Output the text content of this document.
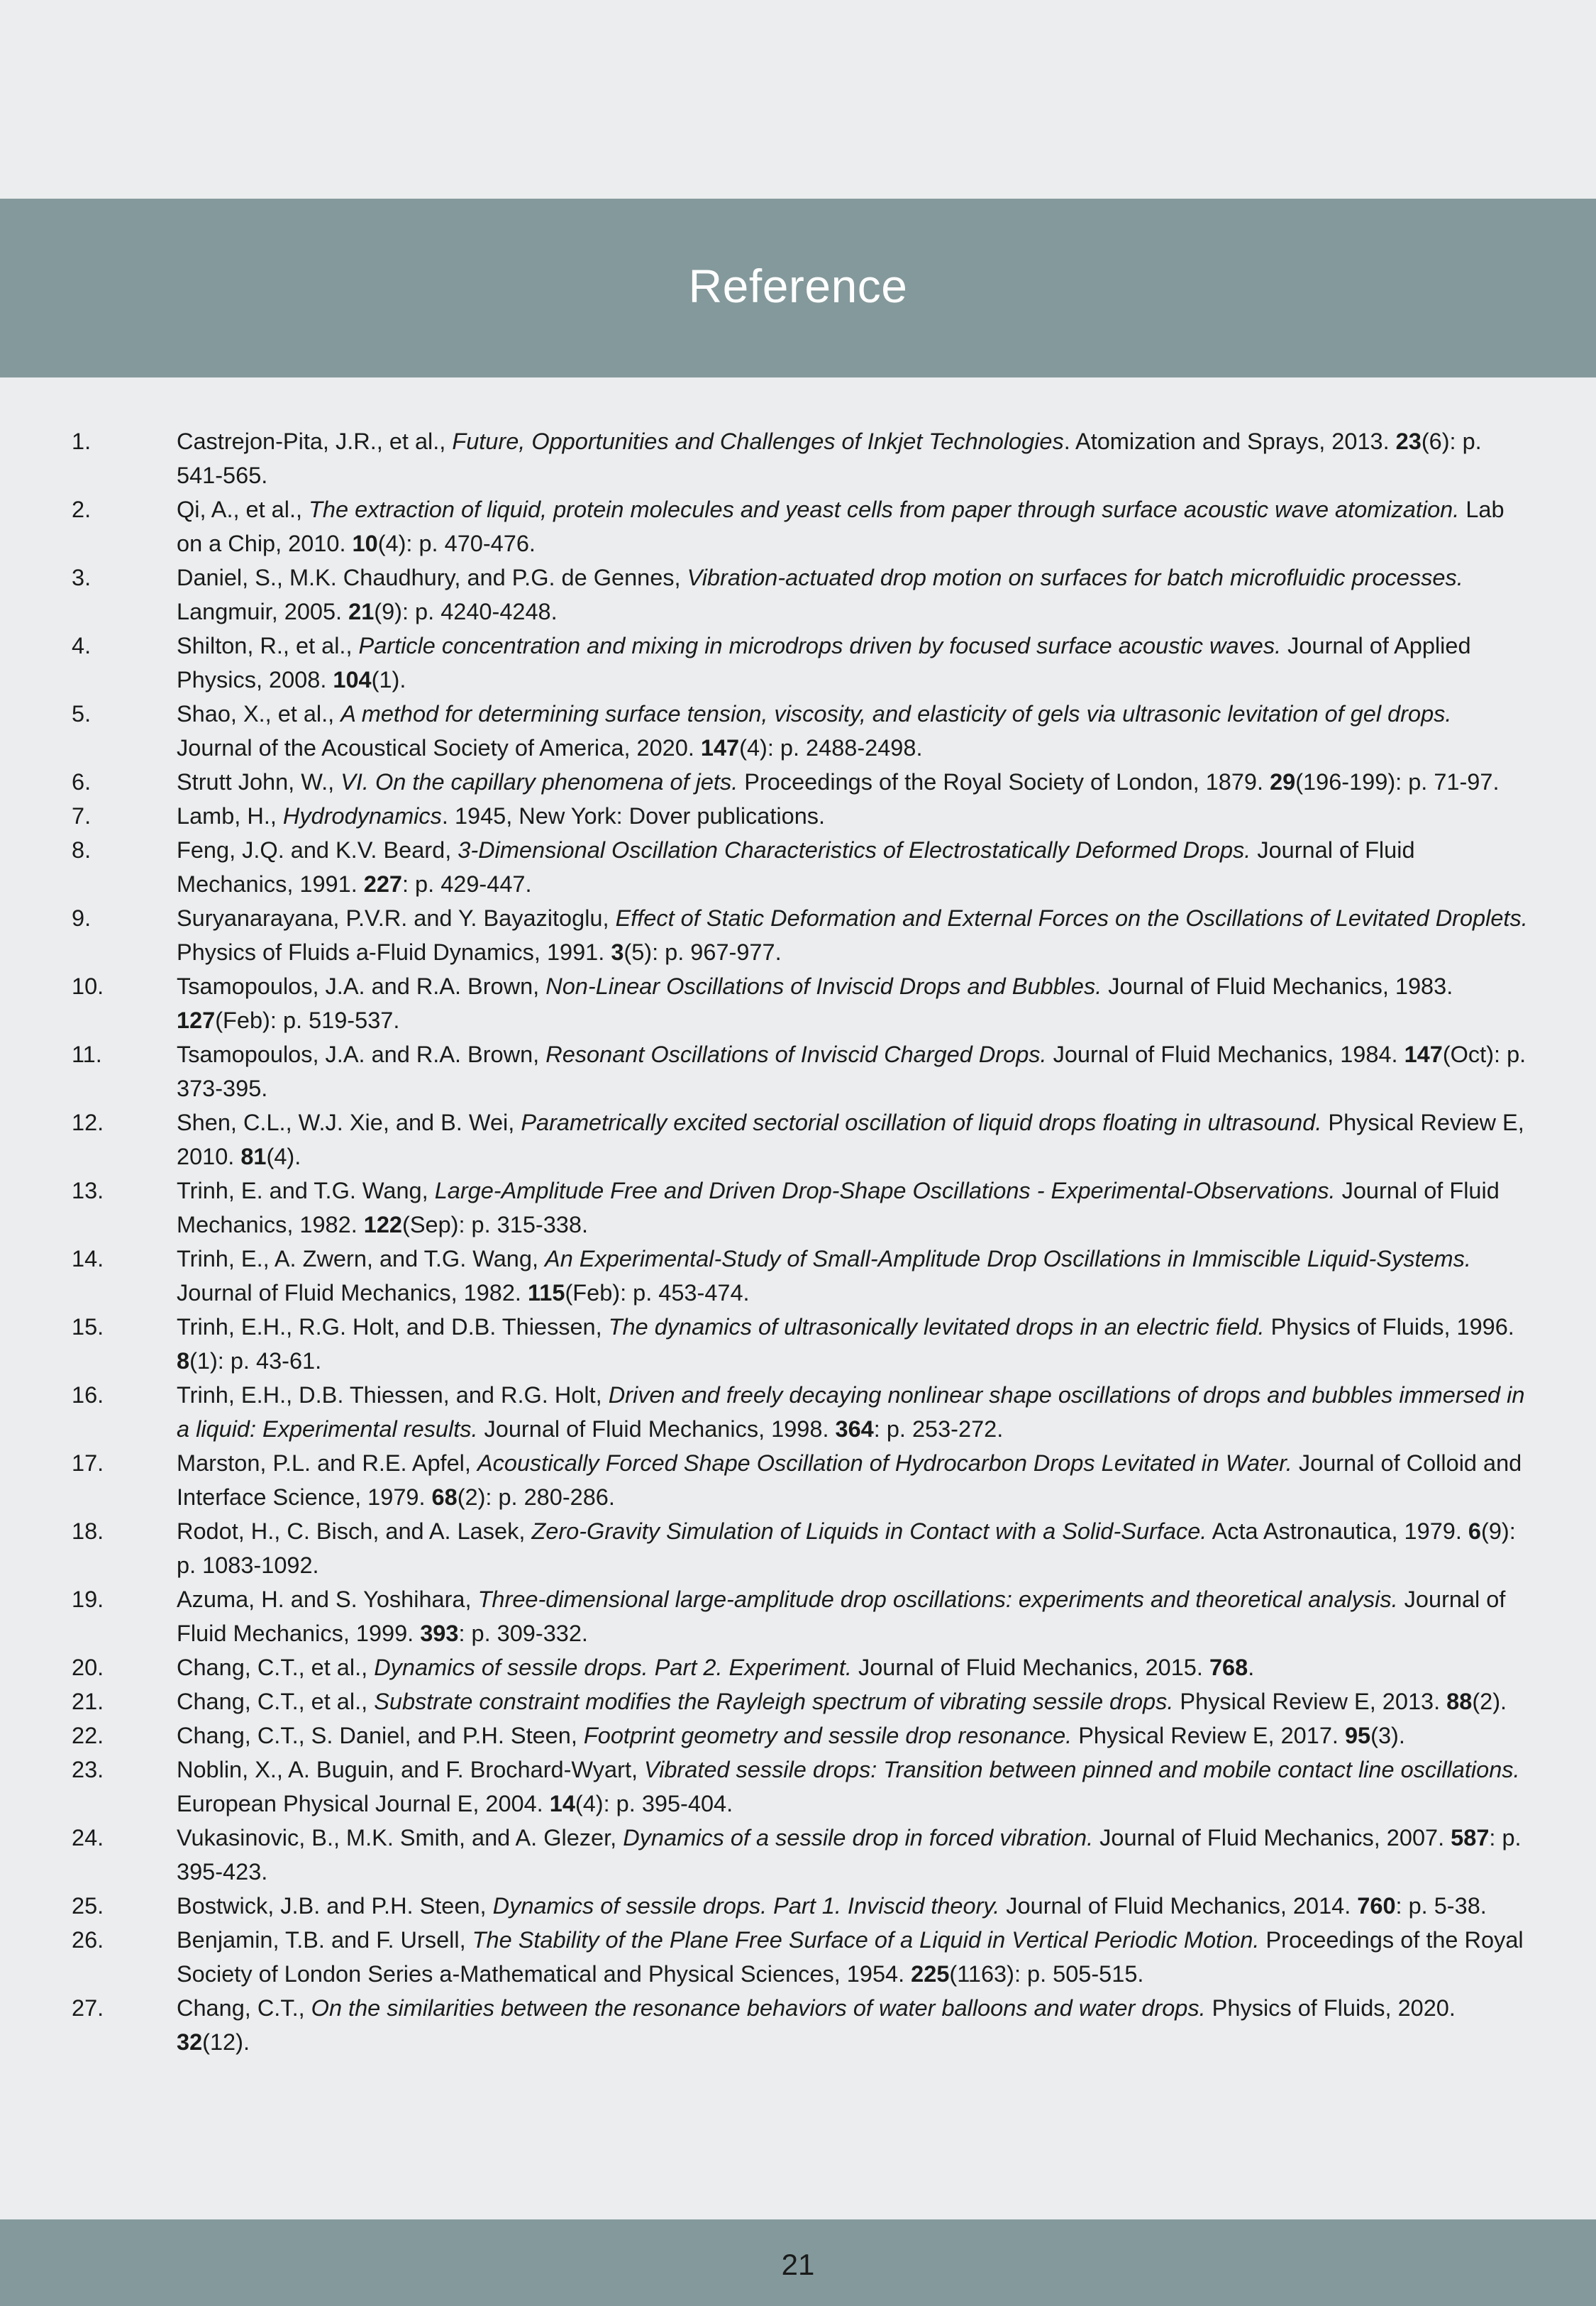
Reference
1.	Castrejon-Pita, J.R., et al., Future, Opportunities and Challenges of Inkjet Technologies. Atomization and Sprays, 2013. 23(6): p. 541-565.
2.	Qi, A., et al., The extraction of liquid, protein molecules and yeast cells from paper through surface acoustic wave atomization. Lab on a Chip, 2010. 10(4): p. 470-476.
3.	Daniel, S., M.K. Chaudhury, and P.G. de Gennes, Vibration-actuated drop motion on surfaces for batch microfluidic processes. Langmuir, 2005. 21(9): p. 4240-4248.
4.	Shilton, R., et al., Particle concentration and mixing in microdrops driven by focused surface acoustic waves. Journal of Applied Physics, 2008. 104(1).
5.	Shao, X., et al., A method for determining surface tension, viscosity, and elasticity of gels via ultrasonic levitation of gel drops. Journal of the Acoustical Society of America, 2020. 147(4): p. 2488-2498.
6.	Strutt John, W., VI. On the capillary phenomena of jets. Proceedings of the Royal Society of London, 1879. 29(196-199): p. 71-97.
7.	Lamb, H., Hydrodynamics. 1945, New York: Dover publications.
8.	Feng, J.Q. and K.V. Beard, 3-Dimensional Oscillation Characteristics of Electrostatically Deformed Drops. Journal of Fluid Mechanics, 1991. 227: p. 429-447.
9.	Suryanarayana, P.V.R. and Y. Bayazitoglu, Effect of Static Deformation and External Forces on the Oscillations of Levitated Droplets. Physics of Fluids a-Fluid Dynamics, 1991. 3(5): p. 967-977.
10.	Tsamopoulos, J.A. and R.A. Brown, Non-Linear Oscillations of Inviscid Drops and Bubbles. Journal of Fluid Mechanics, 1983. 127(Feb): p. 519-537.
11.	Tsamopoulos, J.A. and R.A. Brown, Resonant Oscillations of Inviscid Charged Drops. Journal of Fluid Mechanics, 1984. 147(Oct): p. 373-395.
12.	Shen, C.L., W.J. Xie, and B. Wei, Parametrically excited sectorial oscillation of liquid drops floating in ultrasound. Physical Review E, 2010. 81(4).
13.	Trinh, E. and T.G. Wang, Large-Amplitude Free and Driven Drop-Shape Oscillations - Experimental-Observations. Journal of Fluid Mechanics, 1982. 122(Sep): p. 315-338.
14.	Trinh, E., A. Zwern, and T.G. Wang, An Experimental-Study of Small-Amplitude Drop Oscillations in Immiscible Liquid-Systems. Journal of Fluid Mechanics, 1982. 115(Feb): p. 453-474.
15.	Trinh, E.H., R.G. Holt, and D.B. Thiessen, The dynamics of ultrasonically levitated drops in an electric field. Physics of Fluids, 1996. 8(1): p. 43-61.
16.	Trinh, E.H., D.B. Thiessen, and R.G. Holt, Driven and freely decaying nonlinear shape oscillations of drops and bubbles immersed in a liquid: Experimental results. Journal of Fluid Mechanics, 1998. 364: p. 253-272.
17.	Marston, P.L. and R.E. Apfel, Acoustically Forced Shape Oscillation of Hydrocarbon Drops Levitated in Water. Journal of Colloid and Interface Science, 1979. 68(2): p. 280-286.
18.	Rodot, H., C. Bisch, and A. Lasek, Zero-Gravity Simulation of Liquids in Contact with a Solid-Surface. Acta Astronautica, 1979. 6(9): p. 1083-1092.
19.	Azuma, H. and S. Yoshihara, Three-dimensional large-amplitude drop oscillations: experiments and theoretical analysis. Journal of Fluid Mechanics, 1999. 393: p. 309-332.
20.	Chang, C.T., et al., Dynamics of sessile drops. Part 2. Experiment. Journal of Fluid Mechanics, 2015. 768.
21.	Chang, C.T., et al., Substrate constraint modifies the Rayleigh spectrum of vibrating sessile drops. Physical Review E, 2013. 88(2).
22.	Chang, C.T., S. Daniel, and P.H. Steen, Footprint geometry and sessile drop resonance. Physical Review E, 2017. 95(3).
23.	Noblin, X., A. Buguin, and F. Brochard-Wyart, Vibrated sessile drops: Transition between pinned and mobile contact line oscillations. European Physical Journal E, 2004. 14(4): p. 395-404.
24.	Vukasinovic, B., M.K. Smith, and A. Glezer, Dynamics of a sessile drop in forced vibration. Journal of Fluid Mechanics, 2007. 587: p. 395-423.
25.	Bostwick, J.B. and P.H. Steen, Dynamics of sessile drops. Part 1. Inviscid theory. Journal of Fluid Mechanics, 2014. 760: p. 5-38.
26.	Benjamin, T.B. and F. Ursell, The Stability of the Plane Free Surface of a Liquid in Vertical Periodic Motion. Proceedings of the Royal Society of London Series a-Mathematical and Physical Sciences, 1954. 225(1163): p. 505-515.
27.	Chang, C.T., On the similarities between the resonance behaviors of water balloons and water drops. Physics of Fluids, 2020. 32(12).
21
